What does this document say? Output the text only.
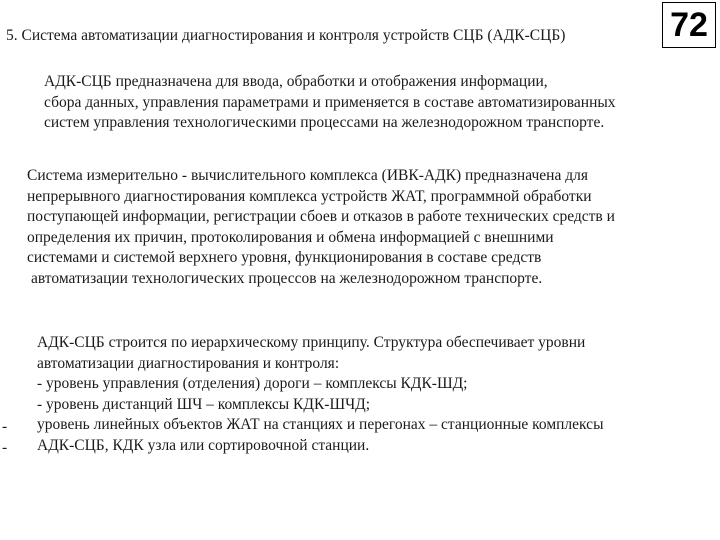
5. Система автоматизации диагностирования и контроля устройств СЦБ (АДК-СЦБ)	72
АДК-СЦБ предназначена для ввода, обработки и отображения информации,
сбора данных, управления параметрами и применяется в составе автоматизированных
систем управления технологическими процессами на железнодорожном транспорте.
Система измерительно - вычислительного комплекса (ИВК-АДК) предназначена для
непрерывного диагностирования комплекса устройств ЖАТ, программной обработки
поступающей информации, регистрации сбоев и отказов в работе технических средств и
определения их причин, протоколирования и обмена информацией с внешними
системами и системой верхнего уровня, функционирования в составе средств
автоматизации технологических процессов на железнодорожном транспорте.
АДК-СЦБ строится по иерархическому принципу. Структура обеспечивает уровни
автоматизации диагностирования и контроля:
- уровень управления (отделения) дороги – комплексы КДК-ШД;
- уровень дистанций ШЧ – комплексы КДК-ШЧД;
уровень линейных объектов ЖАТ на станциях и перегонах – станционные комплексы
АДК-СЦБ, КДК узла или сортировочной станции.
-
-
